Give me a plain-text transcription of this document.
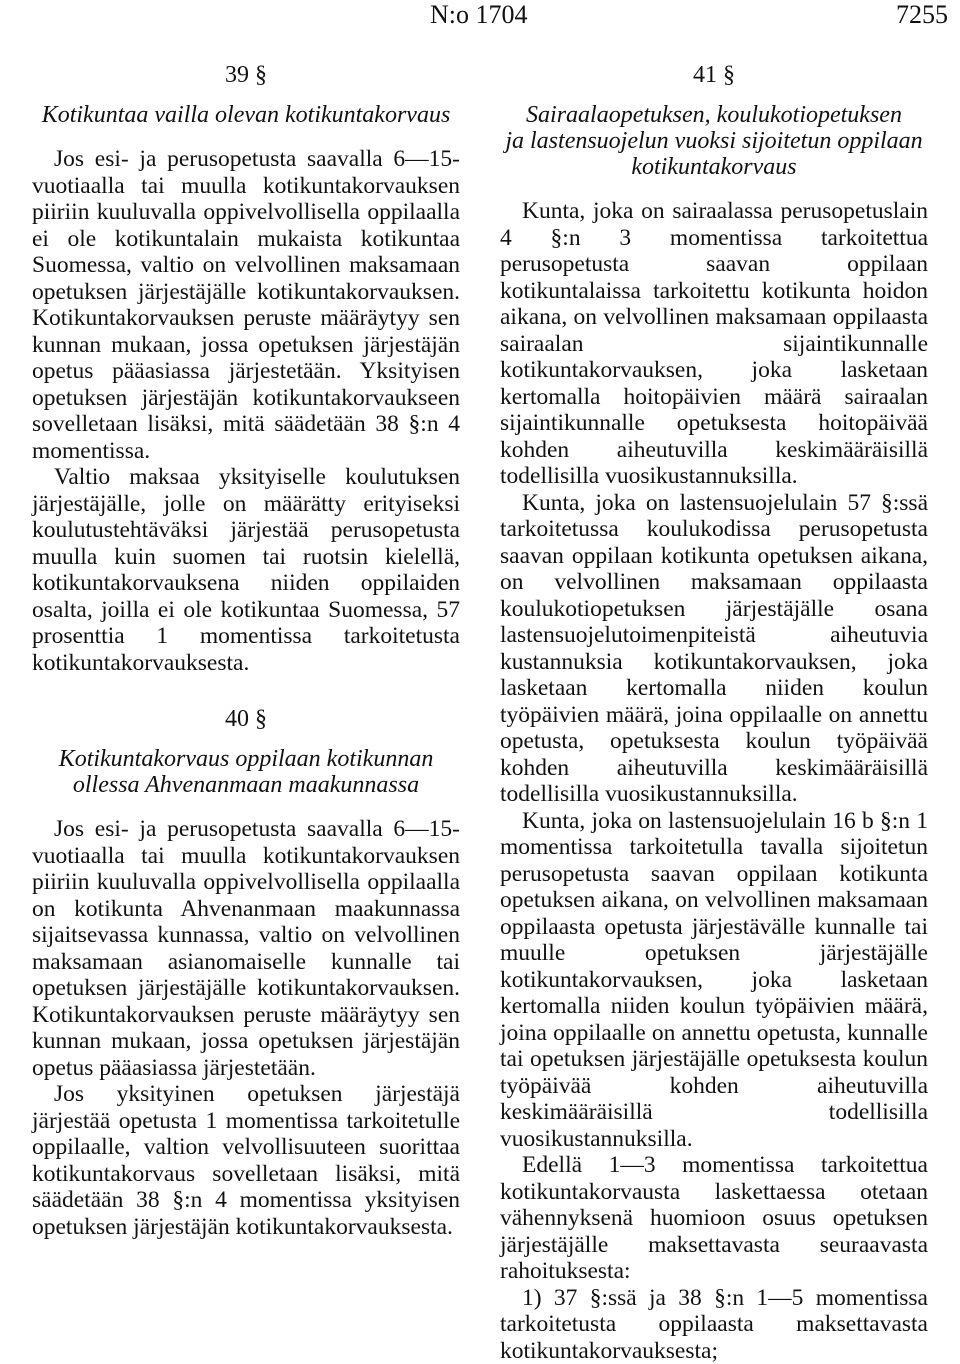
N:o 1704	7255
39 §
Kotikuntaa vailla olevan kotikuntakorvaus

Jos esi- ja perusopetusta saavalla 6—15-vuotiaalla tai muulla kotikuntakorvauksen piiriin kuuluvalla oppivelvollisella oppilaalla ei ole kotikuntalain mukaista kotikuntaa Suomessa, valtio on velvollinen maksamaan opetuksen järjestäjälle kotikuntakorvauksen. Kotikuntakorvauksen peruste määräytyy sen kunnan mukaan, jossa opetuksen järjestäjän opetus pääasiassa järjestetään. Yksityisen opetuksen järjestäjän kotikuntakorvaukseen sovelletaan lisäksi, mitä säädetään 38 §:n 4 momentissa.

Valtio maksaa yksityiselle koulutuksen järjestäjälle, jolle on määrätty erityiseksi koulutustehtäväksi järjestää perusopetusta muulla kuin suomen tai ruotsin kielellä, kotikuntakorvauksena niiden oppilaiden osalta, joilla ei ole kotikuntaa Suomessa, 57 prosenttia 1 momentissa tarkoitetusta kotikuntakorvauksesta.

40 §
Kotikuntakorvaus oppilaan kotikunnan
ollessa Ahvenanmaan maakunnassa

Jos esi- ja perusopetusta saavalla 6—15-vuotiaalla tai muulla kotikuntakorvauksen piiriin kuuluvalla oppivelvollisella oppilaalla on kotikunta Ahvenanmaan maakunnassa sijaitsevassa kunnassa, valtio on velvollinen maksamaan asianomaiselle kunnalle tai opetuksen järjestäjälle kotikuntakorvauksen. Kotikuntakorvauksen peruste määräytyy sen kunnan mukaan, jossa opetuksen järjestäjän opetus pääasiassa järjestetään.

Jos yksityinen opetuksen järjestäjä järjestää opetusta 1 momentissa tarkoitetulle oppilaalle, valtion velvollisuuteen suorittaa kotikuntakorvaus sovelletaan lisäksi, mitä säädetään 38 §:n 4 momentissa yksityisen opetuksen järjestäjän kotikuntakorvauksesta.

41 §
Sairaalaopetuksen, koulukotiopetuksen
ja lastensuojelun vuoksi sijoitetun oppilaan
kotikuntakorvaus

Kunta, joka on sairaalassa perusopetuslain 4 §:n 3 momentissa tarkoitettua perusopetusta saavan oppilaan kotikuntalaissa tarkoitettu kotikunta hoidon aikana, on velvollinen maksamaan oppilaasta sairaalan sijaintikunnalle kotikuntakorvauksen, joka lasketaan kertomalla hoitopäivien määrä sairaalan sijaintikunnalle opetuksesta hoitopäivää kohden aiheutuvilla keskimääräisillä todellisilla vuosikustannuksilla.

Kunta, joka on lastensuojelulain 57 §:ssä tarkoitetussa koulukodissa perusopetusta saavan oppilaan kotikunta opetuksen aikana, on velvollinen maksamaan oppilaasta koulukotiopetuksen järjestäjälle osana lastensuojelutoimenpiteistä aiheutuvia kustannuksia kotikuntakorvauksen, joka lasketaan kertomalla niiden koulun työpäivien määrä, joina oppilaalle on annettu opetusta, opetuksesta koulun työpäivää kohden aiheutuvilla keskimääräisillä todellisilla vuosikustannuksilla.

Kunta, joka on lastensuojelulain 16 b §:n 1 momentissa tarkoitetulla tavalla sijoitetun perusopetusta saavan oppilaan kotikunta opetuksen aikana, on velvollinen maksamaan oppilaasta opetusta järjestävälle kunnalle tai muulle opetuksen järjestäjälle kotikuntakorvauksen, joka lasketaan kertomalla niiden koulun työpäivien määrä, joina oppilaalle on annettu opetusta, kunnalle tai opetuksen järjestäjälle opetuksesta koulun työpäivää kohden aiheutuvilla keskimääräisillä todellisilla vuosikustannuksilla.

Edellä 1—3 momentissa tarkoitettua kotikuntakorvausta laskettaessa otetaan vähennyksenä huomioon osuus opetuksen järjestäjälle maksettavasta seuraavasta rahoituksesta:

1) 37 §:ssä ja 38 §:n 1—5 momentissa tarkoitetusta oppilaasta maksettavasta kotikuntakorvauksesta;
